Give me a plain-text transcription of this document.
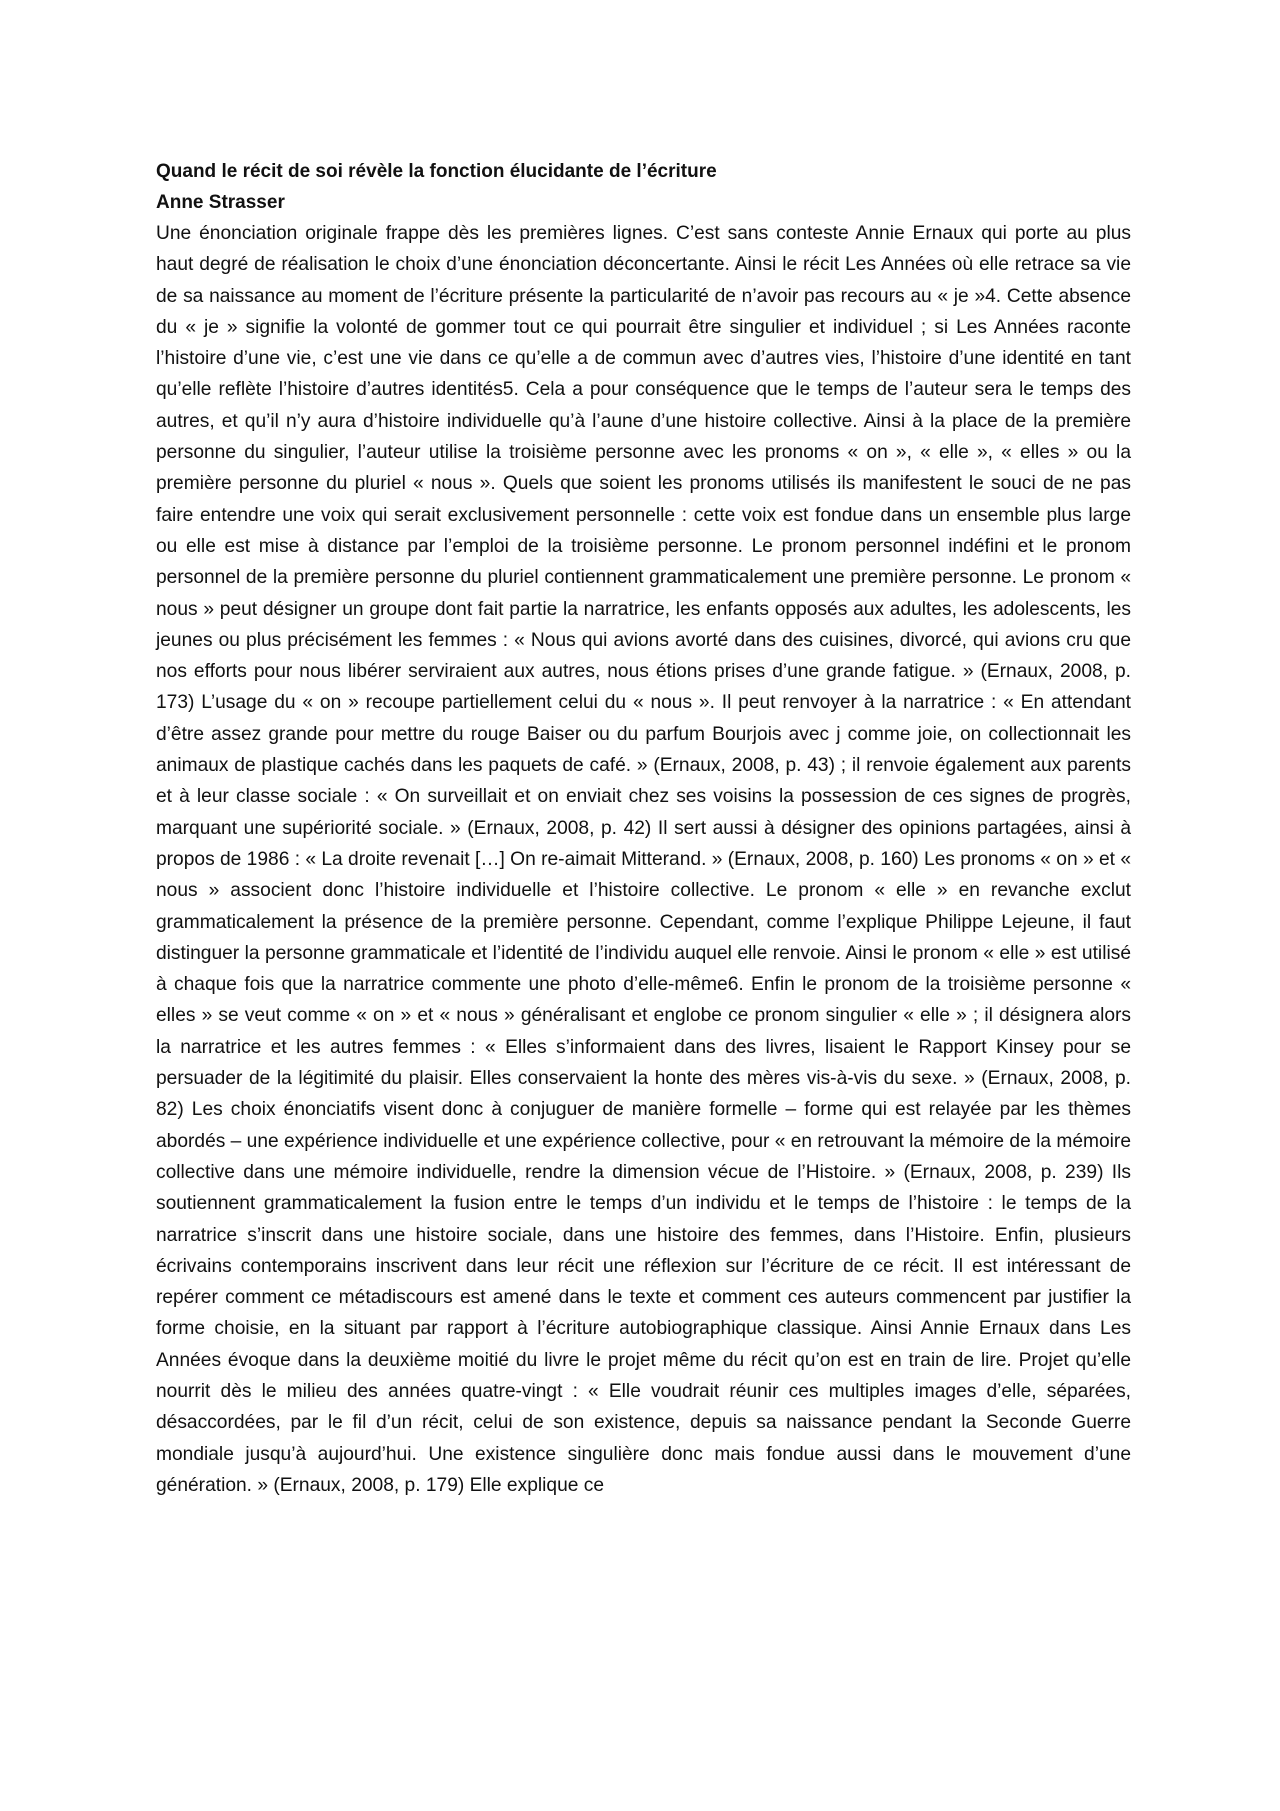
Quand le récit de soi révèle la fonction élucidante de l’écriture

Anne Strasser

Une énonciation originale frappe dès les premières lignes. C’est sans conteste Annie Ernaux qui porte au plus haut degré de réalisation le choix d’une énonciation déconcertante. Ainsi le récit Les Années où elle retrace sa vie de sa naissance au moment de l’écriture présente la particularité de n’avoir pas recours au « je »4. Cette absence du « je » signifie la volonté de gommer tout ce qui pourrait être singulier et individuel ; si Les Années raconte l’histoire d’une vie, c’est une vie dans ce qu’elle a de commun avec d’autres vies, l’histoire d’une identité en tant qu’elle reflète l’histoire d’autres identités5. Cela a pour conséquence que le temps de l’auteur sera le temps des autres, et qu’il n’y aura d’histoire individuelle qu’à l’aune d’une histoire collective. Ainsi à la place de la première personne du singulier, l’auteur utilise la troisième personne avec les pronoms « on », « elle », « elles » ou la première personne du pluriel « nous ». Quels que soient les pronoms utilisés ils manifestent le souci de ne pas faire entendre une voix qui serait exclusivement personnelle : cette voix est fondue dans un ensemble plus large ou elle est mise à distance par l’emploi de la troisième personne. Le pronom personnel indéfini et le pronom personnel de la première personne du pluriel contiennent grammaticalement une première personne. Le pronom « nous » peut désigner un groupe dont fait partie la narratrice, les enfants opposés aux adultes, les adolescents, les jeunes ou plus précisément les femmes : « Nous qui avions avorté dans des cuisines, divorcé, qui avions cru que nos efforts pour nous libérer serviraient aux autres, nous étions prises d’une grande fatigue. » (Ernaux, 2008, p. 173) L’usage du « on » recoupe partiellement celui du « nous ». Il peut renvoyer à la narratrice : « En attendant d’être assez grande pour mettre du rouge Baiser ou du parfum Bourjois avec j comme joie, on collectionnait les animaux de plastique cachés dans les paquets de café. » (Ernaux, 2008, p. 43) ; il renvoie également aux parents et à leur classe sociale : « On surveillait et on enviait chez ses voisins la possession de ces signes de progrès, marquant une supériorité sociale. » (Ernaux, 2008, p. 42) Il sert aussi à désigner des opinions partagées, ainsi à propos de 1986 : « La droite revenait […] On re-aimait Mitterand. » (Ernaux, 2008, p. 160) Les pronoms « on » et « nous » associent donc l’histoire individuelle et l’histoire collective. Le pronom « elle » en revanche exclut grammaticalement la présence de la première personne. Cependant, comme l’explique Philippe Lejeune, il faut distinguer la personne grammaticale et l’identité de l’individu auquel elle renvoie. Ainsi le pronom « elle » est utilisé à chaque fois que la narratrice commente une photo d’elle-même6. Enfin le pronom de la troisième personne « elles » se veut comme « on » et « nous » généralisant et englobe ce pronom singulier « elle » ; il désignera alors la narratrice et les autres femmes : « Elles s’informaient dans des livres, lisaient le Rapport Kinsey pour se persuader de la légitimité du plaisir. Elles conservaient la honte des mères vis-à-vis du sexe. » (Ernaux, 2008, p. 82) Les choix énonciatifs visent donc à conjuguer de manière formelle – forme qui est relayée par les thèmes abordés – une expérience individuelle et une expérience collective, pour « en retrouvant la mémoire de la mémoire collective dans une mémoire individuelle, rendre la dimension vécue de l’Histoire. » (Ernaux, 2008, p. 239) Ils soutiennent grammaticalement la fusion entre le temps d’un individu et le temps de l’histoire : le temps de la narratrice s’inscrit dans une histoire sociale, dans une histoire des femmes, dans l’Histoire. Enfin, plusieurs écrivains contemporains inscrivent dans leur récit une réflexion sur l’écriture de ce récit. Il est intéressant de repérer comment ce métadiscours est amené dans le texte et comment ces auteurs commencent par justifier la forme choisie, en la situant par rapport à l’écriture autobiographique classique. Ainsi Annie Ernaux dans Les Années évoque dans la deuxième moitié du livre le projet même du récit qu’on est en train de lire. Projet qu’elle nourrit dès le milieu des années quatre-vingt : « Elle voudrait réunir ces multiples images d’elle, séparées, désaccordées, par le fil d’un récit, celui de son existence, depuis sa naissance pendant la Seconde Guerre mondiale jusqu’à aujourd’hui. Une existence singulière donc mais fondue aussi dans le mouvement d’une génération. » (Ernaux, 2008, p. 179) Elle explique ce
